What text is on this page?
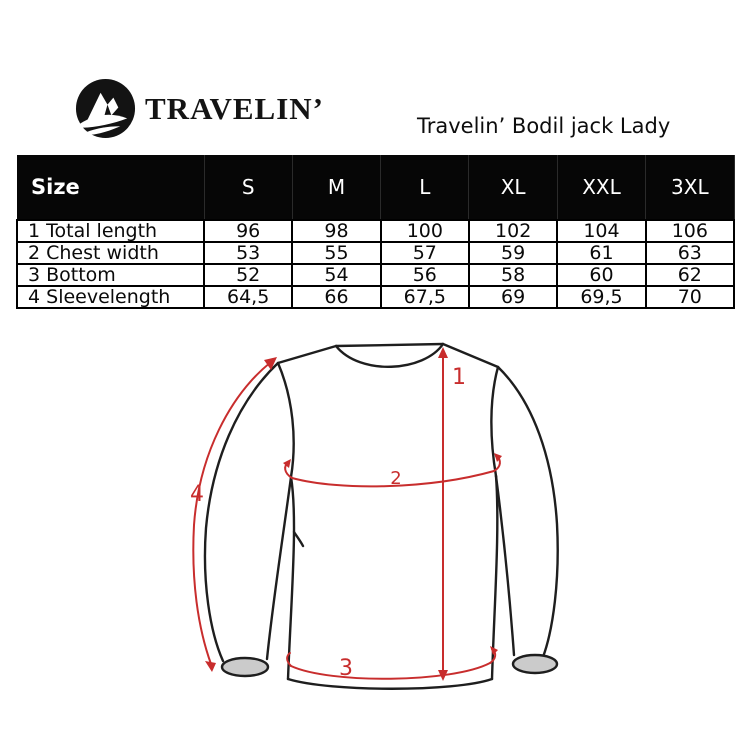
TRAVELIN’
Travelin’ Bodil jack Lady
Size	S	M	L	XL	XXL	3XL
1 Total length	96	98	100	102	104	106
2 Chest width	53	55	57	59	61	63
3 Bottom	52	54	56	58	60	62
4 Sleevelength	64,5	66	67,5	69	69,5	70
1
2
3
4
